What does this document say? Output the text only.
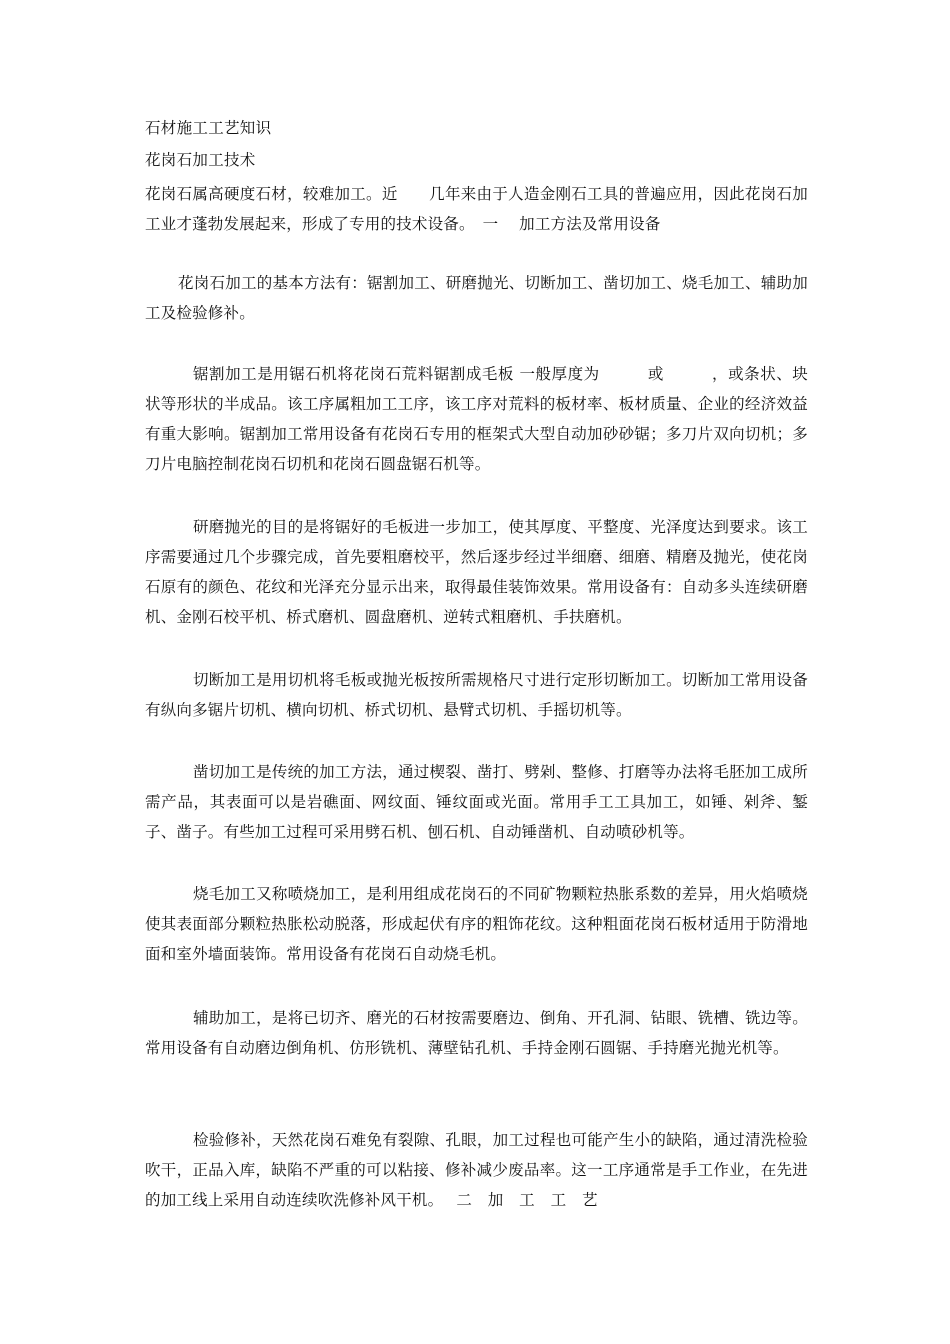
石材施工工艺知识
花岗石加工技术
花岗石属高硬度石材，较难加工。近　　几年来由于人造金刚石工具的普遍应用，因此花岗石加工业才蓬勃发展起来，形成了专用的技术设备。　一　 加工方法及常用设备
花岗石加工的基本方法有：锯割加工、研磨抛光、切断加工、凿切加工、烧毛加工、辅助加工及检验修补。
锯割加工是用锯石机将花岗石荒料锯割成毛板 一般厚度为　　　或　　　，或条状、块状等形状的半成品。该工序属粗加工工序，该工序对荒料的板材率、板材质量、企业的经济效益有重大影响。锯割加工常用设备有花岗石专用的框架式大型自动加砂砂锯；多刀片双向切机；多刀片电脑控制花岗石切机和花岗石圆盘锯石机等。
研磨抛光的目的是将锯好的毛板进一步加工，使其厚度、平整度、光泽度达到要求。该工序需要通过几个步骤完成，首先要粗磨校平，然后逐步经过半细磨、细磨、精磨及抛光，使花岗石原有的颜色、花纹和光泽充分显示出来，取得最佳装饰效果。常用设备有：自动多头连续研磨机、金刚石校平机、桥式磨机、圆盘磨机、逆转式粗磨机、手扶磨机。
切断加工是用切机将毛板或抛光板按所需规格尺寸进行定形切断加工。切断加工常用设备有纵向多锯片切机、横向切机、桥式切机、悬臂式切机、手摇切机等。
凿切加工是传统的加工方法，通过楔裂、凿打、劈剁、整修、打磨等办法将毛胚加工成所需产品，其表面可以是岩礁面、网纹面、锤纹面或光面。常用手工工具加工，如锤、剁斧、錾子、凿子。有些加工过程可采用劈石机、刨石机、自动锤凿机、自动喷砂机等。
烧毛加工又称喷烧加工，是利用组成花岗石的不同矿物颗粒热胀系数的差异，用火焰喷烧使其表面部分颗粒热胀松动脱落，形成起伏有序的粗饰花纹。这种粗面花岗石板材适用于防滑地面和室外墙面装饰。常用设备有花岗石自动烧毛机。
辅助加工，是将已切齐、磨光的石材按需要磨边、倒角、开孔洞、钻眼、铣槽、铣边等。常用设备有自动磨边倒角机、仿形铣机、薄壁钻孔机、手持金刚石圆锯、手持磨光抛光机等。
检验修补，天然花岗石难免有裂隙、孔眼，加工过程也可能产生小的缺陷，通过清洗检验吹干，正品入库，缺陷不严重的可以粘接、修补减少废品率。这一工序通常是手工作业，在先进的加工线上采用自动连续吹洗修补风干机。　 二　加　工　工　艺
